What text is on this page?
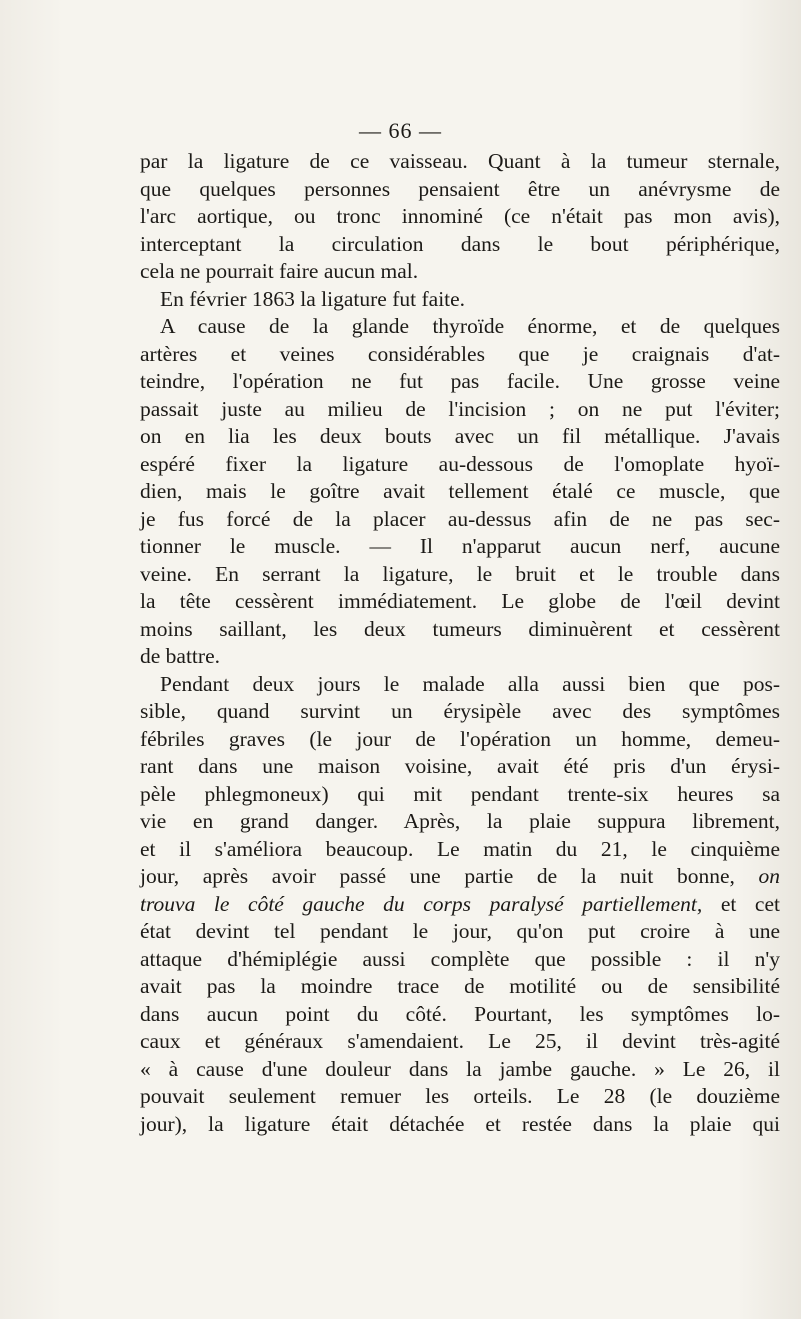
— 66 —
par la ligature de ce vaisseau. Quant à la tumeur sternale,
que quelques personnes pensaient être un anévrysme de
l'arc aortique, ou tronc innominé (ce n'était pas mon avis),
interceptant la circulation dans le bout périphérique,
cela ne pourrait faire aucun mal.
En février 1863 la ligature fut faite.
A cause de la glande thyroïde énorme, et de quelques
artères et veines considérables que je craignais d'at-
teindre, l'opération ne fut pas facile. Une grosse veine
passait juste au milieu de l'incision ; on ne put l'éviter;
on en lia les deux bouts avec un fil métallique. J'avais
espéré fixer la ligature au-dessous de l'omoplate hyoï-
dien, mais le goître avait tellement étalé ce muscle, que
je fus forcé de la placer au-dessus afin de ne pas sec-
tionner le muscle. — Il n'apparut aucun nerf, aucune
veine. En serrant la ligature, le bruit et le trouble dans
la tête cessèrent immédiatement. Le globe de l'œil devint
moins saillant, les deux tumeurs diminuèrent et cessèrent
de battre.
Pendant deux jours le malade alla aussi bien que pos-
sible, quand survint un érysipèle avec des symptômes
fébriles graves (le jour de l'opération un homme, demeu-
rant dans une maison voisine, avait été pris d'un érysi-
pèle phlegmoneux) qui mit pendant trente-six heures sa
vie en grand danger. Après, la plaie suppura librement,
et il s'améliora beaucoup. Le matin du 21, le cinquième
jour, après avoir passé une partie de la nuit bonne, on
trouva le côté gauche du corps paralysé partiellement, et cet
état devint tel pendant le jour, qu'on put croire à une
attaque d'hémiplégie aussi complète que possible : il n'y
avait pas la moindre trace de motilité ou de sensibilité
dans aucun point du côté. Pourtant, les symptômes lo-
caux et généraux s'amendaient. Le 25, il devint très-agité
« à cause d'une douleur dans la jambe gauche. » Le 26, il
pouvait seulement remuer les orteils. Le 28 (le douzième
jour), la ligature était détachée et restée dans la plaie qui
